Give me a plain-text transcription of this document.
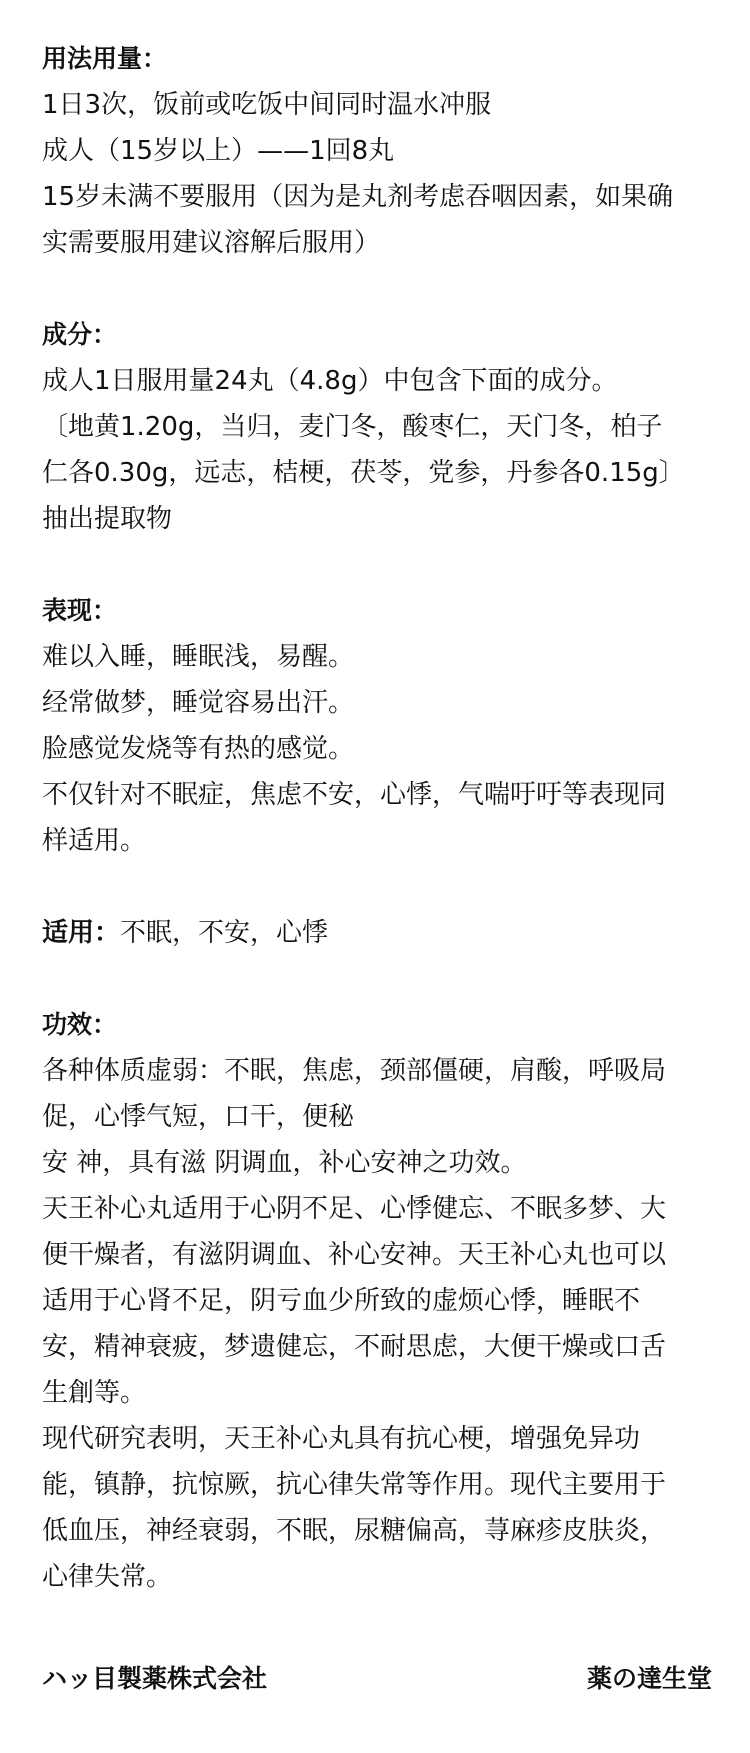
用法用量：
1日3次，饭前或吃饭中间同时温水冲服
成人（15岁以上）——1回8丸
15岁未满不要服用（因为是丸剂考虑吞咽因素，如果确
实需要服用建议溶解后服用）
成分：
成人1日服用量24丸（4.8g）中包含下面的成分。
〔地黄1.20g，当归，麦门冬，酸枣仁，天门冬，柏子
仁各0.30g，远志，桔梗，茯苓，党参，丹参各0.15g〕
抽出提取物
表现：
难以入睡，睡眠浅，易醒。
经常做梦，睡觉容易出汗。
脸感觉发烧等有热的感觉。
不仅针对不眠症，焦虑不安，心悸，气喘吁吁等表现同
样适用。
适用：不眠，不安，心悸
功效：
各种体质虚弱：不眠，焦虑，颈部僵硬，肩酸，呼吸局
促，心悸气短，口干，便秘
安 神，具有滋 阴调血，补心安神之功效。
天王补心丸适用于心阴不足、心悸健忘、不眠多梦、大
便干燥者，有滋阴调血、补心安神。天王补心丸也可以
适用于心肾不足，阴亏血少所致的虚烦心悸，睡眠不
安，精神衰疲，梦遗健忘，不耐思虑，大便干燥或口舌
生創等。
现代研究表明，天王补心丸具有抗心梗，增强免异功
能，镇静，抗惊厥，抗心律失常等作用。现代主要用于
低血压，神经衰弱，不眠，尿糖偏高，荨麻疹皮肤炎，
心律失常。
ハッ目製薬株式会社	薬の達生堂
